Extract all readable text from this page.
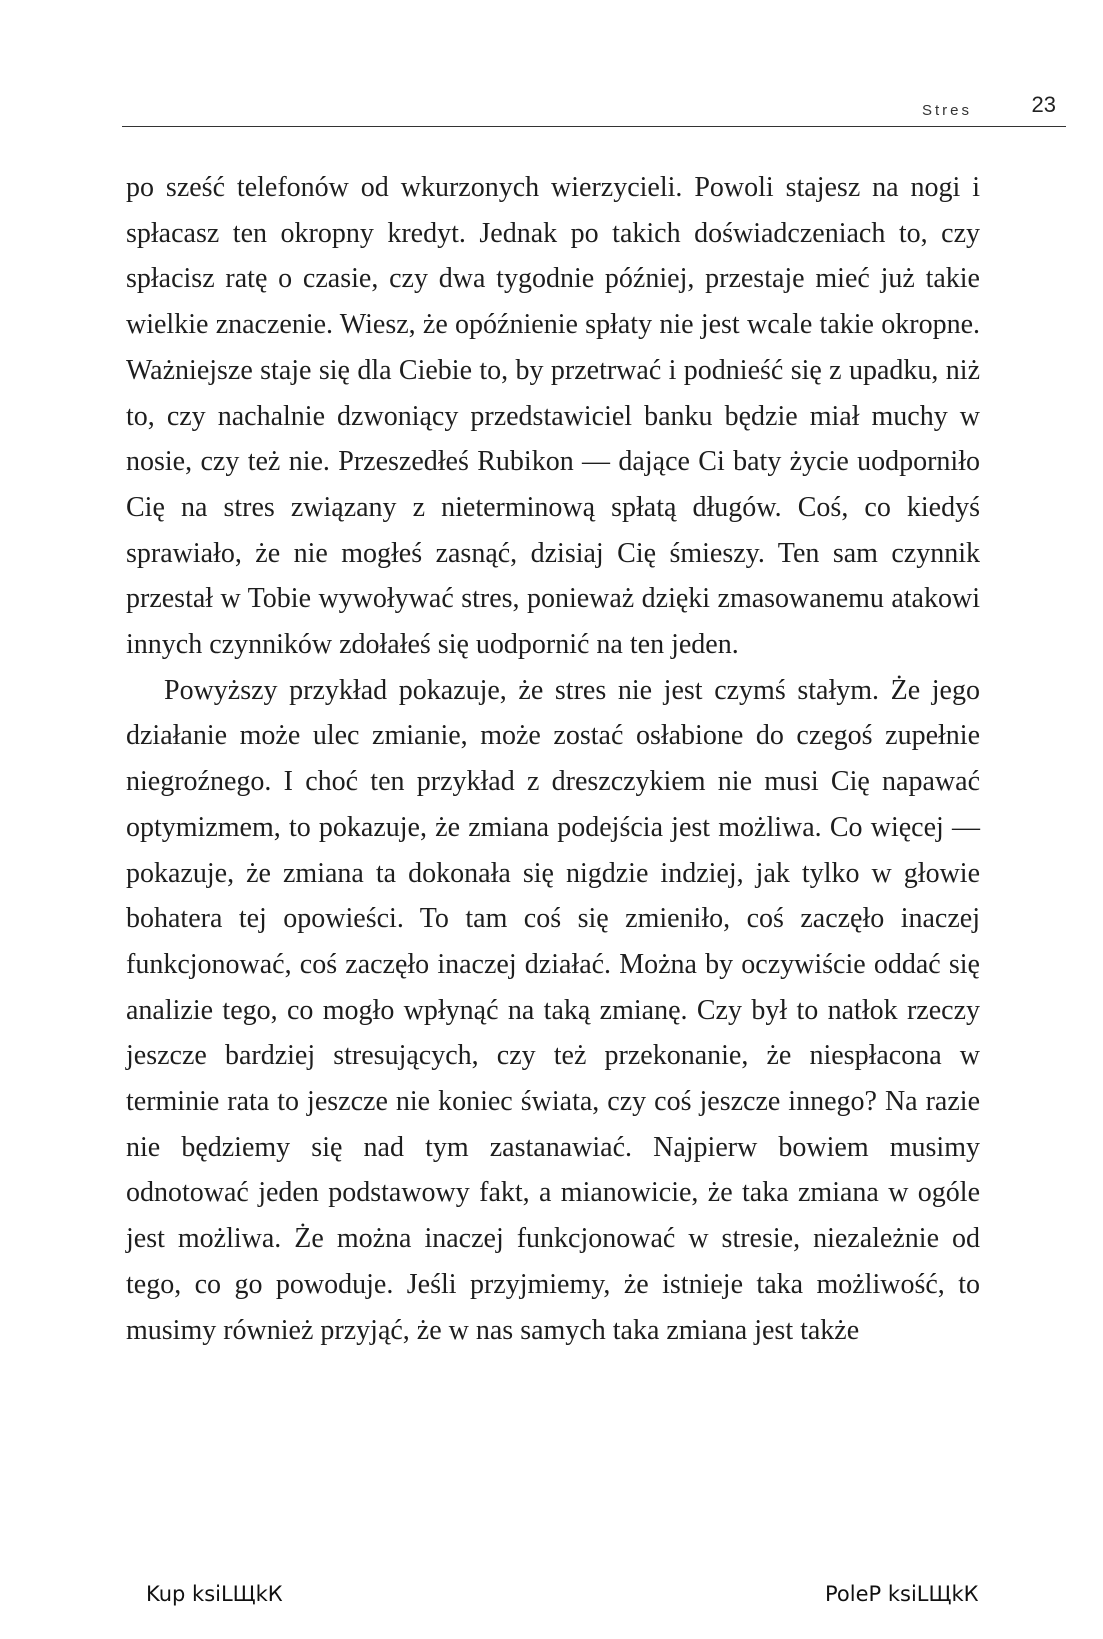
Stres	23

po sześć telefonów od wkurzonych wierzycieli. Powoli stajesz na nogi i spłacasz ten okropny kredyt. Jednak po takich doświadczeniach to, czy spłacisz ratę o czasie, czy dwa tygodnie później, przestaje mieć już takie wielkie znaczenie. Wiesz, że opóźnienie spłaty nie jest wcale takie okropne. Ważniejsze staje się dla Ciebie to, by przetrwać i podnieść się z upadku, niż to, czy nachalnie dzwoniący przedstawiciel banku będzie miał muchy w nosie, czy też nie. Przeszedłeś Rubikon — dające Ci baty życie uodporniło Cię na stres związany z nieterminową spłatą długów. Coś, co kiedyś sprawiało, że nie mogłeś zasnąć, dzisiaj Cię śmieszy. Ten sam czynnik przestał w Tobie wywoływać stres, ponieważ dzięki zmasowanemu atakowi innych czynników zdołałeś się uodpornić na ten jeden.

Powyższy przykład pokazuje, że stres nie jest czymś stałym. Że jego działanie może ulec zmianie, może zostać osłabione do czegoś zupełnie niegroźnego. I choć ten przykład z dreszczykiem nie musi Cię napawać optymizmem, to pokazuje, że zmiana podejścia jest możliwa. Co więcej — pokazuje, że zmiana ta dokonała się nigdzie indziej, jak tylko w głowie bohatera tej opowieści. To tam coś się zmieniło, coś zaczęło inaczej funkcjonować, coś zaczęło inaczej działać. Można by oczywiście oddać się analizie tego, co mogło wpłynąć na taką zmianę. Czy był to natłok rzeczy jeszcze bardziej stresujących, czy też przekonanie, że niespłacona w terminie rata to jeszcze nie koniec świata, czy coś jeszcze innego? Na razie nie będziemy się nad tym zastanawiać. Najpierw bowiem musimy odnotować jeden podstawowy fakt, a mianowicie, że taka zmiana w ogóle jest możliwa. Że można inaczej funkcjonować w stresie, niezależnie od tego, co go powoduje. Jeśli przyjmiemy, że istnieje taka możliwość, to musimy również przyjąć, że w nas samych taka zmiana jest także

Kup ksiLЩkК	PoleP ksiLЩkК
